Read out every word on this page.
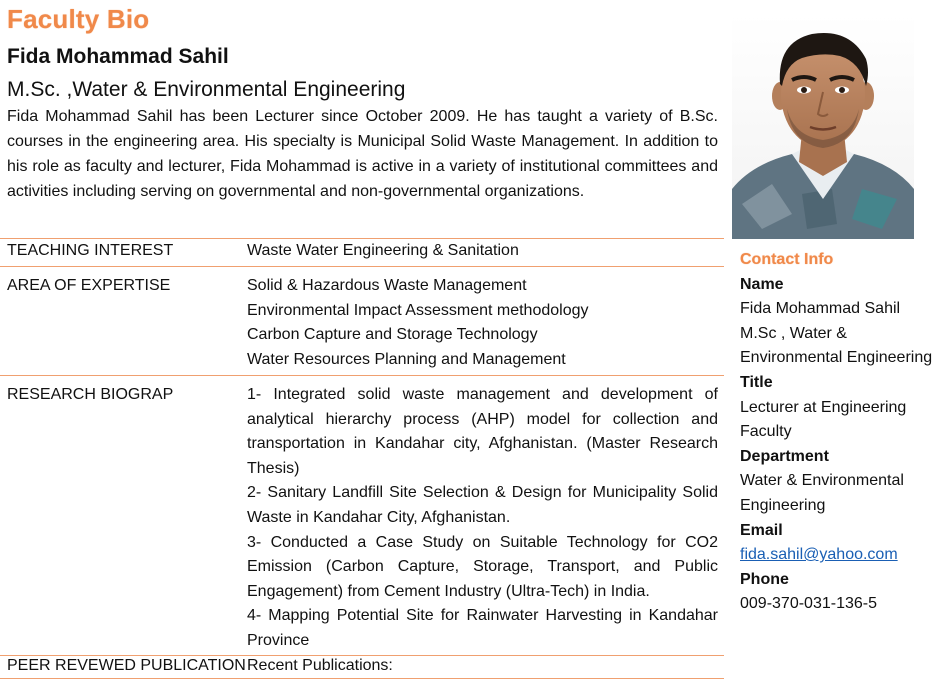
Faculty Bio
Fida Mohammad Sahil
M.Sc. ,Water & Environmental Engineering
Fida Mohammad Sahil has been Lecturer since October 2009. He has taught a variety of B.Sc. courses in the engineering area. His specialty is Municipal Solid Waste Management. In addition to his role as faculty and lecturer, Fida Mohammad is active in a variety of institutional committees and activities including serving on governmental and non-governmental organizations.
TEACHING INTEREST	Waste Water Engineering & Sanitation
AREA OF EXPERTISE	Solid & Hazardous Waste Management
Environmental Impact Assessment methodology
Carbon Capture and Storage Technology
Water Resources Planning and Management
RESEARCH BIOGRAP	1- Integrated solid waste management and development of analytical hierarchy process (AHP) model for collection and transportation in Kandahar city, Afghanistan. (Master Research Thesis)
2- Sanitary Landfill Site Selection & Design for Municipality Solid Waste in Kandahar City, Afghanistan.
3- Conducted a Case Study on Suitable Technology for CO2 Emission (Carbon Capture, Storage, Transport, and Public Engagement) from Cement Industry (Ultra-Tech) in India.
4- Mapping Potential Site for Rainwater Harvesting in Kandahar Province
PEER REVEWED PUBLICATION Recent Publications:
Contact Info
Name
Fida Mohammad Sahil
M.Sc , Water &
Environmental Engineering
Title
Lecturer at Engineering
Faculty
Department
Water & Environmental
Engineering
Email
fida.sahil@yahoo.com
Phone
009-370-031-136-5
